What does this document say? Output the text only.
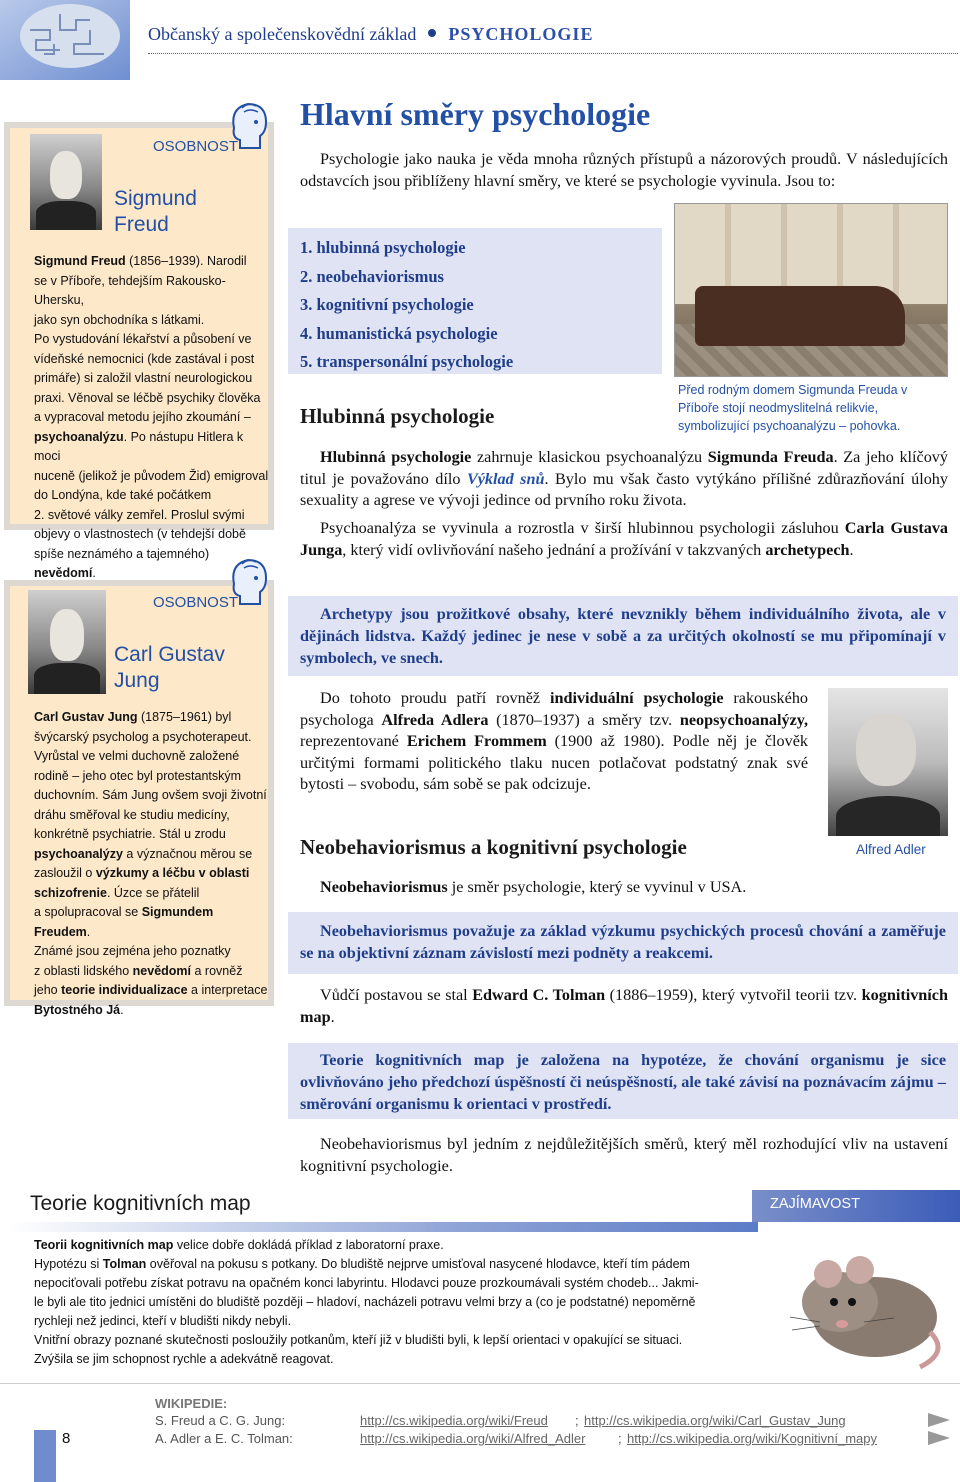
Občanský a společenskovědní základ PSYCHOLOGIE
OSOBNOST
Sigmund
Freud
Sigmund Freud (1856–1939). Narodil
se v Příboře, tehdejším Rakousko-Uhersku,
jako syn obchodníka s látkami.
Po vystudování lékařství a působení ve
vídeňské nemocnici (kde zastával i post
primáře) si založil vlastní neurologickou
praxi. Věnoval se léčbě psychiky člověka
a vypracoval metodu jejího zkoumání –
psychoanalýzu. Po nástupu Hitlera k moci
nuceně (jelikož je původem Žid) emigroval
do Londýna, kde také počátkem
2. světové války zemřel. Proslul svými
objevy o vlastnostech (v tehdejší době
spíše neznámého a tajemného) nevědomí.
OSOBNOST
Carl Gustav
Jung
Carl Gustav Jung (1875–1961) byl
švýcarský psycholog a psychoterapeut.
Vyrůstal ve velmi duchovně založené
rodině – jeho otec byl protestantským
duchovním. Sám Jung ovšem svoji životní
dráhu směřoval ke studiu medicíny,
konkrétně psychiatrie. Stál u zrodu
psychoanalýzy a význačnou měrou se
zasloužil o výzkumy a léčbu v oblasti
schizofrenie. Úzce se přátelil
a spolupracoval se Sigmundem Freudem.
Známé jsou zejména jeho poznatky
z oblasti lidského nevědomí a rovněž
jeho teorie individualizace a interpretace
Bytostného Já.
Hlavní směry psychologie
Psychologie jako nauka je věda mnoha různých přístupů a názorových proudů. V následujících odstavcích jsou přiblíženy hlavní směry, ve které se psychologie vyvinula. Jsou to:
1. hlubinná psychologie
2. neobehaviorismus
3. kognitivní psychologie
4. humanistická psychologie
5. transpersonální psychologie
Před rodným domem Sigmunda Freuda v Příboře stojí neodmyslitelná relikvie, symbolizující psychoanalýzu – pohovka.
Hlubinná psychologie
Hlubinná psychologie zahrnuje klasickou psychoanalýzu Sigmunda Freuda. Za jeho klíčový titul je považováno dílo Výklad snů. Bylo mu však často vytýkáno přílišné zdůrazňování úlohy sexuality a agrese ve vývoji jedince od prvního roku života.
Psychoanalýza se vyvinula a rozrostla v širší hlubinnou psychologii zásluhou Carla Gustava Junga, který vidí ovlivňování našeho jednání a prožívání v takzvaných archetypech.
Archetypy jsou prožitkové obsahy, které nevznikly během individuálního života, ale v dějinách lidstva. Každý jedinec je nese v sobě a za určitých okolností se mu připomínají v symbolech, ve snech.
Do tohoto proudu patří rovněž individuální psychologie rakouského psychologa Alfreda Adlera (1870–1937) a směry tzv. neopsychoanalýzy, reprezentované Erichem Frommem (1900 až 1980). Podle něj je člověk určitými formami politického tlaku nucen potlačovat podstatný znak své bytosti – svobodu, sám sobě se pak odcizuje.
Alfred Adler
Neobehaviorismus a kognitivní psychologie
Neobehaviorismus je směr psychologie, který se vyvinul v USA.
Neobehaviorismus považuje za základ výzkumu psychických procesů chování a zaměřuje se na objektivní záznam závislostí mezi podněty a reakcemi.
Vůdčí postavou se stal Edward C. Tolman (1886–1959), který vytvořil teorii tzv. kognitivních map.
Teorie kognitivních map je založena na hypotéze, že chování organismu je sice ovlivňováno jeho předchozí úspěšností či neúspěšností, ale také závisí na poznávacím zájmu – směrování organismu k orientaci v prostředí.
Neobehaviorismus byl jedním z nejdůležitějších směrů, který měl rozhodující vliv na ustavení kognitivní psychologie.
Teorie kognitivních map	ZAJÍMAVOST
Teorii kognitivních map velice dobře dokládá příklad z laboratorní praxe.
Hypotézu si Tolman ověřoval na pokusu s potkany. Do bludiště nejprve umisťoval nasycené hlodavce, kteří tím pádem
nepociťovali potřebu získat potravu na opačném konci labyrintu. Hlodavci pouze prozkoumávali systém chodeb... Jakmi-
le byli ale tito jednici umístěni do bludiště později – hladoví, nacházeli potravu velmi brzy a (co je podstatné) nepoměrně
rychleji než jedinci, kteří v bludišti nikdy nebyli.
Vnitřní obrazy poznané skutečnosti posloužily potkanům, kteří již v bludišti byli, k lepší orientaci v opakující se situaci.
Zvýšila se jim schopnost rychle a adekvátně reagovat.
8
WIKIPEDIE:
S. Freud a C. G. Jung:
A. Adler a E. C. Tolman:
http://cs.wikipedia.org/wiki/Freud ; http://cs.wikipedia.org/wiki/Carl_Gustav_Jung
http://cs.wikipedia.org/wiki/Alfred_Adler	; http://cs.wikipedia.org/wiki/Kognitivní_mapy
